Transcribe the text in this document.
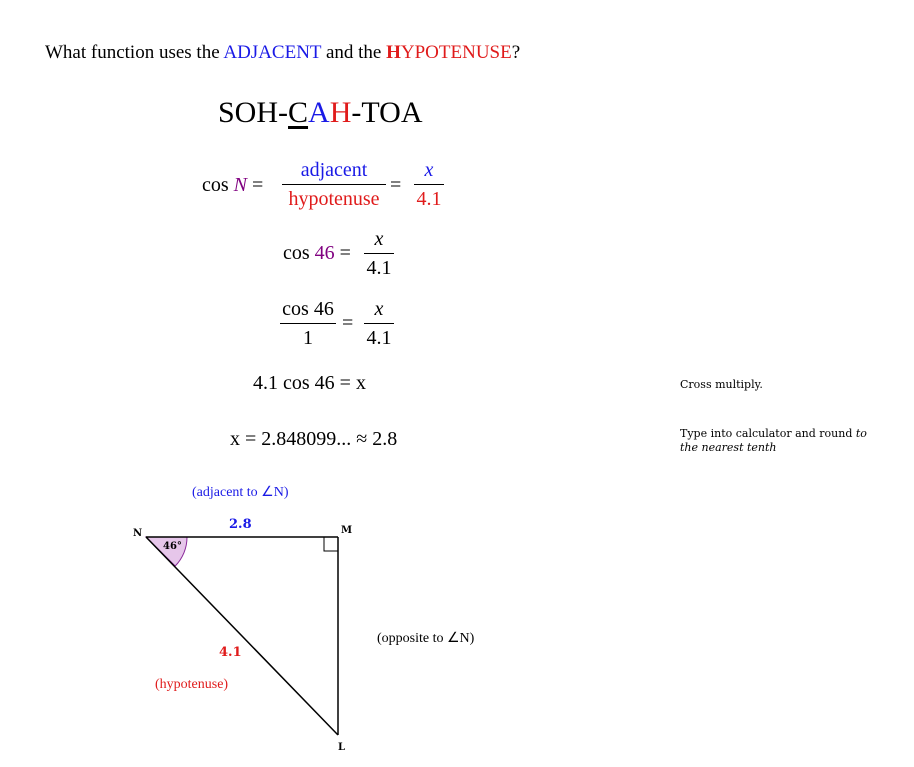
What function uses the ADJACENT and the HYPOTENUSE?
SOH-CAH-TOA
cos N =
adjacent
hypotenuse
=
x
4.1
cos 46 =
x
4.1
cos 46
1
=
x
4.1
4.1 cos 46 = x	Cross multiply.
x = 2.848099... ≈ 2.8	Type into calculator and round to the nearest tenth
(adjacent to ∠N)
2.8
N	M
L
46°
(opposite to ∠N)
4.1
(hypotenuse)
